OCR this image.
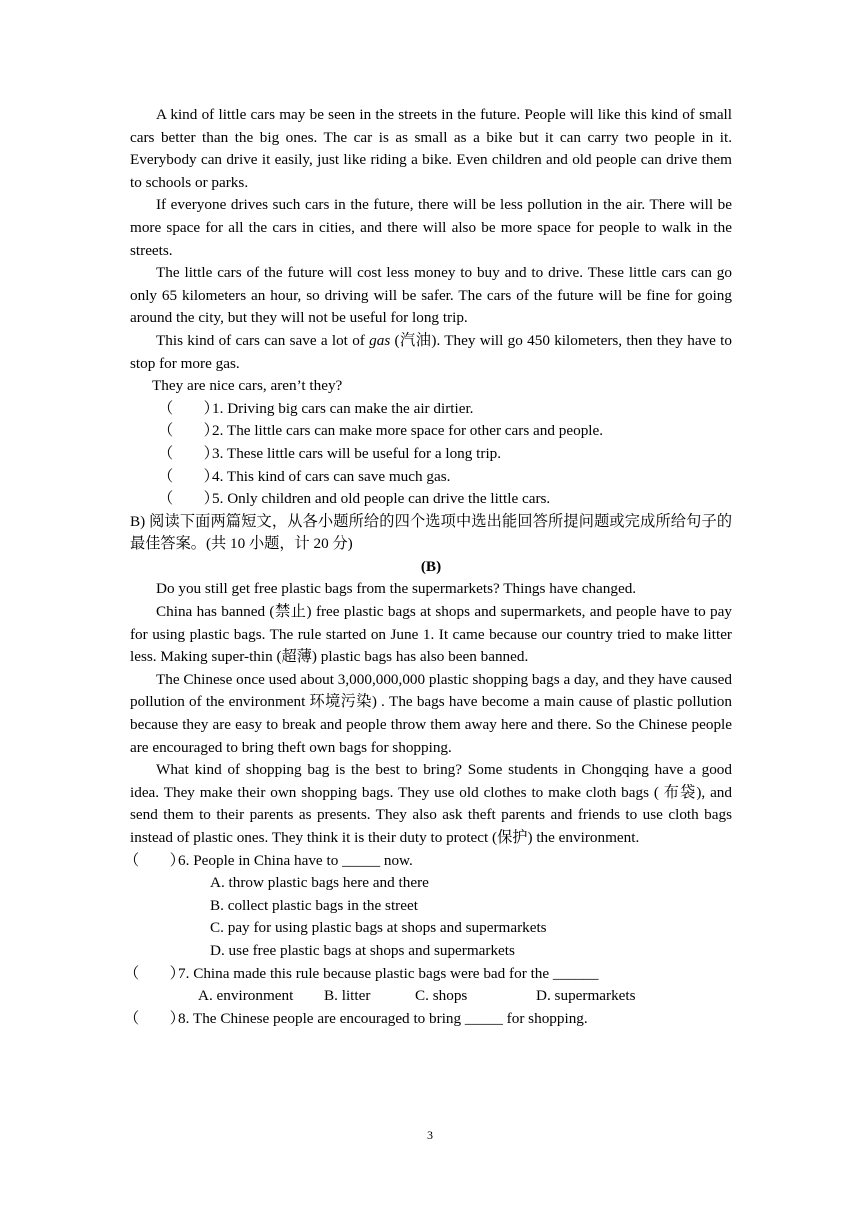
A kind of little cars may be seen in the streets in the future. People will like this kind of small cars better than the big ones. The car is as small as a bike but it can carry two people in it. Everybody can drive it easily, just like riding a bike. Even children and old people can drive them to schools or parks.

If everyone drives such cars in the future, there will be less pollution in the air. There will be more space for all the cars in cities, and there will also be more space for people to walk in the streets.

The little cars of the future will cost less money to buy and to drive. These little cars can go only 65 kilometers an hour, so driving will be safer. The cars of the future will be fine for going around the city, but they will not be useful for long trip.

This kind of cars can save a lot of gas (汽油). They will go 450 kilometers, then they have to stop for more gas.

They are nice cars, aren’t they?

（　　）1. Driving big cars can make the air dirtier.

（　　）2. The little cars can make more space for other cars and people.

（　　）3. These little cars will be useful for a long trip.

（　　）4. This kind of cars can save much gas.

（　　）5. Only children and old people can drive the little cars.

B) 阅读下面两篇短文，从各小题所给的四个选项中选出能回答所提问题或完成所给句子的最佳答案。(共 10 小题，计 20 分)

(B)

Do you still get free plastic bags from the supermarkets? Things have changed.

China has banned (禁止) free plastic bags at shops and supermarkets, and people have to pay for using plastic bags. The rule started on June 1. It came because our country tried to make litter less. Making super-thin (超薄) plastic bags has also been banned.

The Chinese once used about 3,000,000,000 plastic shopping bags a day, and they have caused pollution of the environment 环境污染) . The bags have become a main cause of plastic pollution because they are easy to break and people throw them away here and there. So the Chinese people are encouraged to bring theft own bags for shopping.

What kind of shopping bag is the best to bring? Some students in Chongqing have a good idea. They make their own shopping bags. They use old clothes to make cloth bags ( 布袋), and send them to their parents as presents. They also ask theft parents and friends to use cloth bags instead of plastic ones. They think it is their duty to protect (保护) the environment.

（　　）6. People in China have to _____ now.

A. throw plastic bags here and there

B. collect plastic bags in the street

C. pay for using plastic bags at shops and supermarkets

D. use free plastic bags at shops and supermarkets

（　　）7. China made this rule because plastic bags were bad for the ______

A. environment B. litter	C. shops	D. supermarkets

（　　）8. The Chinese people are encouraged to bring _____ for shopping.

3
